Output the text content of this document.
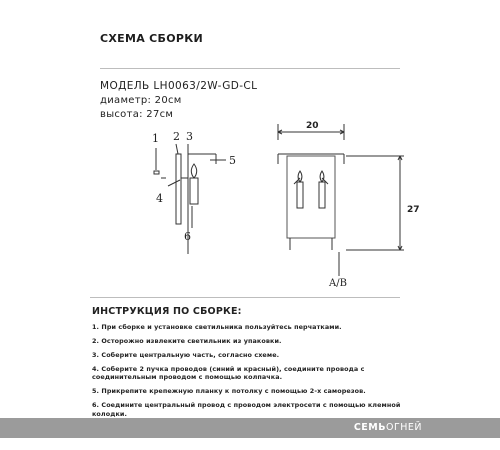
СХЕМА СБОРКИ
МОДЕЛЬ LH0063/2W-GD-CL
диаметр: 20см
высота: 27см
1 2 3
5
4
6
20
27
A/B
ИНСТРУКЦИЯ ПО СБОРКЕ:
1. При сборке и установке светильника пользуйтесь перчатками.
2. Осторожно извлеките светильник из упаковки.
3. Соберите центральную часть, согласно схеме.
4. Соберите 2 пучка проводов (синий и красный), соедините провода с соединительным проводом с помощью колпачка.
5. Прикрепите крепежную планку к потолку с помощью 2-х саморезов.
6. Соедините центральный провод с проводом электросети с помощью клемной колодки.
СЕМЬОГНЕЙ
